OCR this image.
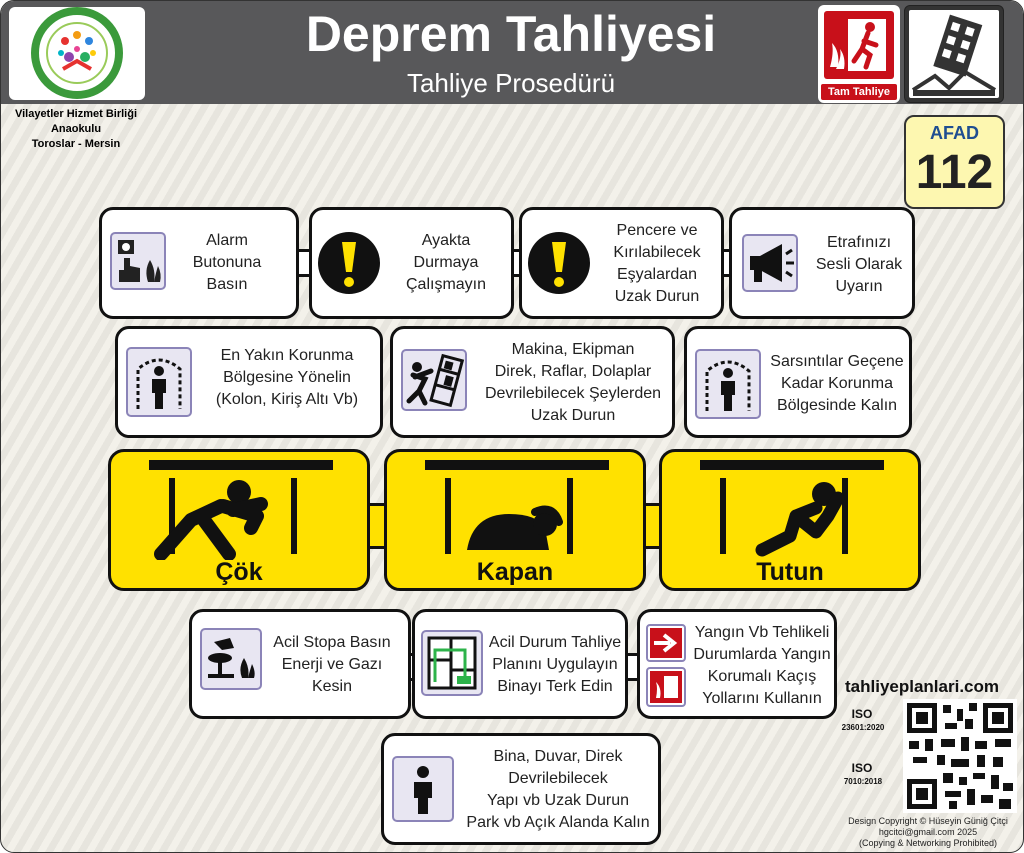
Deprem Tahliyesi
Tahliye Prosedürü	Tam Tahliye
Vilayetler Hizmet Birliği
Anaokulu
Toroslar - Mersin
AFAD
112
Alarm
Butonuna
Basın
Ayakta
Durmaya
Çalışmayın
Pencere ve
Kırılabilecek
Eşyalardan
Uzak Durun
Etrafınızı
Sesli Olarak
Uyarın
En Yakın Korunma
Bölgesine Yönelin
(Kolon, Kiriş Altı Vb)
Makina, Ekipman
Direk, Raflar, Dolaplar
Devrilebilecek Şeylerden
Uzak Durun
Sarsıntılar Geçene
Kadar Korunma
Bölgesinde Kalın
Çök	Kapan	Tutun
Acil Stopa Basın
Enerji ve Gazı
Kesin
Acil Durum Tahliye
Planını Uygulayın
Binayı Terk Edin
Yangın Vb Tehlikeli
Durumlarda Yangın
Korumalı Kaçış
Yollarını Kullanın
Bina, Duvar, Direk
Devrilebilecek
Yapı vb Uzak Durun
Park vb Açık Alanda Kalın
tahliyeplanlari.com
ISO
23601:2020
ISO
7010:2018
Design Copyright © Hüseyin Güniğ Çitçi
hgcitci@gmail.com 2025
(Copying & Networking Prohibited)
